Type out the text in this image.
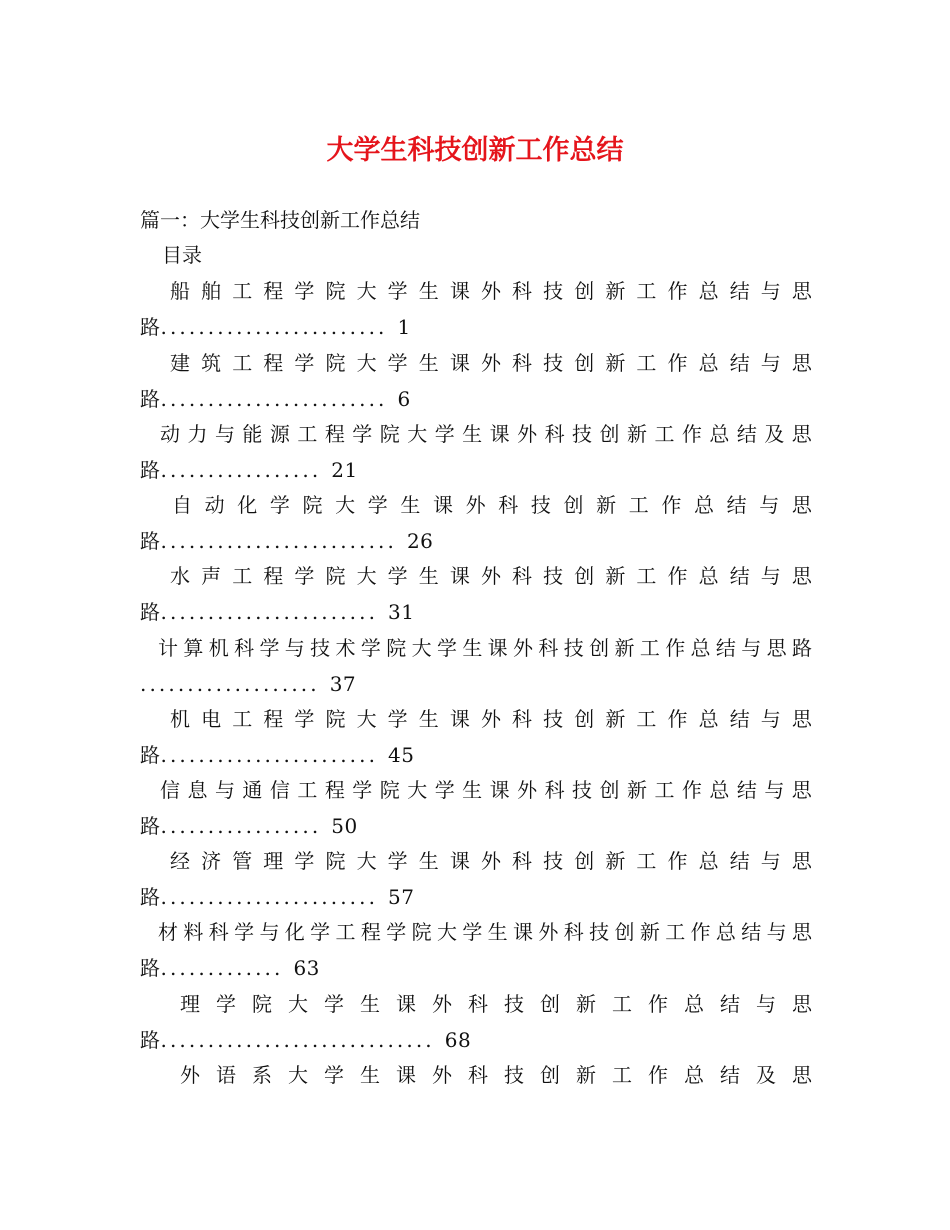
大学生科技创新工作总结
篇一：大学生科技创新工作总结
目录
船 舶 工 程 学 院 大 学 生 课 外 科 技 创 新 工 作 总 结 与 思
路........................ 1
建 筑 工 程 学 院 大 学 生 课 外 科 技 创 新 工 作 总 结 与 思
路........................ 6
动 力 与 能 源 工 程 学 院 大 学 生 课 外 科 技 创 新 工 作 总 结 及 思
路................. 21
自 动 化 学 院 大 学 生 课 外 科 技 创 新 工 作 总 结 与 思
路......................... 26
水 声 工 程 学 院 大 学 生 课 外 科 技 创 新 工 作 总 结 与 思
路....................... 31
计 算 机 科 学 与 技 术 学 院 大 学 生 课 外 科 技 创 新 工 作 总 结 与 思 路
................... 37
机 电 工 程 学 院 大 学 生 课 外 科 技 创 新 工 作 总 结 与 思
路....................... 45
信 息 与 通 信 工 程 学 院 大 学 生 课 外 科 技 创 新 工 作 总 结 与 思
路................. 50
经 济 管 理 学 院 大 学 生 课 外 科 技 创 新 工 作 总 结 与 思
路....................... 57
材 料 科 学 与 化 学 工 程 学 院 大 学 生 课 外 科 技 创 新 工 作 总 结 与 思
路............. 63
理 学 院 大 学 生 课 外 科 技 创 新 工 作 总 结 与 思
路............................. 68
外 语 系 大 学 生 课 外 科 技 创 新 工 作 总 结 及 思
